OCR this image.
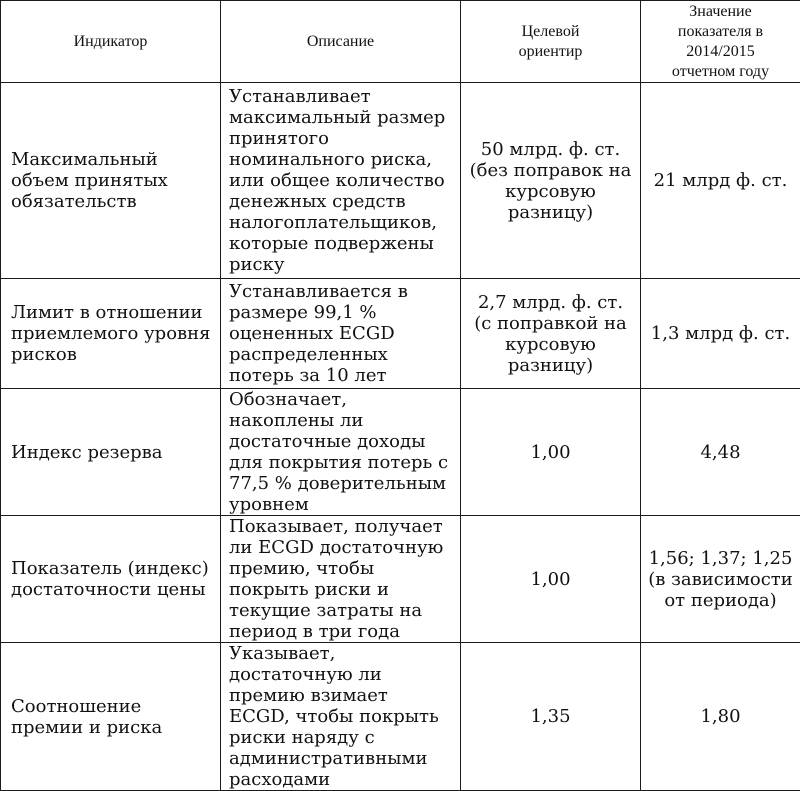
Индикатор	Описание	Целевой ориентир	Значение показателя в 2014/2015 отчетном году
Максимальный объем принятых обязательств	Устанавливает максимальный размер принятого номинального риска, или общее количество денежных средств налогоплательщиков, которые подвержены риску	50 млрд. ф. ст. (без поправок на курсовую разницу)	21 млрд ф. ст.
Лимит в отношении приемлемого уровня рисков	Устанавливается в размере 99,1 % оцененных ECGD распределенных потерь за 10 лет	2,7 млрд. ф. ст. (с поправкой на курсовую разницу)	1,3 млрд ф. ст.
Индекс резерва	Обозначает, накоплены ли достаточные доходы для покрытия потерь с 77,5 % доверительным уровнем	1,00	4,48
Показатель (индекс) достаточности цены	Показывает, получает ли ECGD достаточную премию, чтобы покрыть риски и текущие затраты на период в три года	1,00	1,56; 1,37; 1,25 (в зависимости от периода)
Соотношение премии и риска	Указывает, достаточную ли премию взимает ECGD, чтобы покрыть риски наряду с административными расходами	1,35	1,80
